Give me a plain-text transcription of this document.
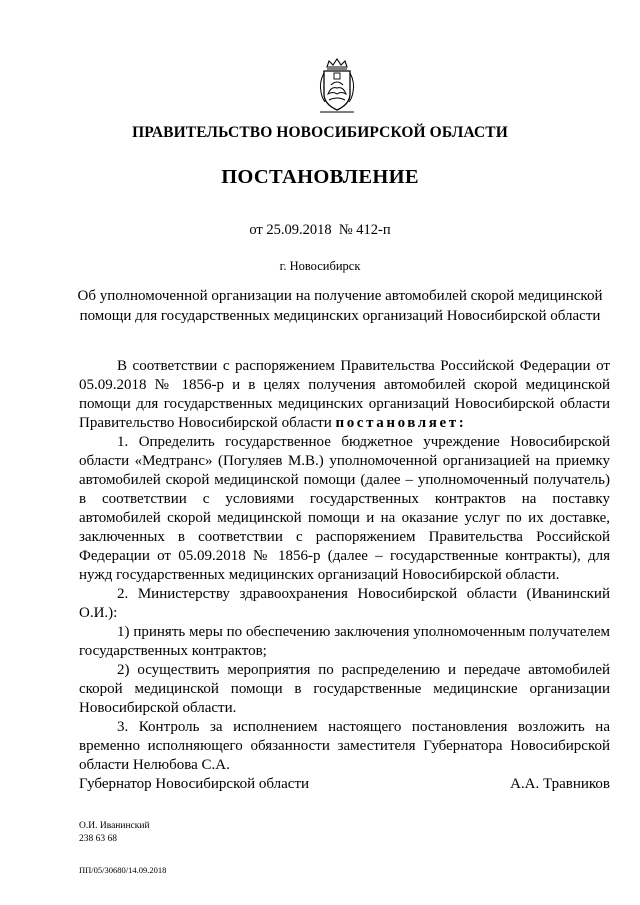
ПРАВИТЕЛЬСТВО НОВОСИБИРСКОЙ ОБЛАСТИ
ПОСТАНОВЛЕНИЕ
от 25.09.2018  № 412-п
г. Новосибирск
Об уполномоченной организации на получение автомобилей скорой медицинской помощи для государственных медицинских организаций Новосибирской области

В соответствии с распоряжением Правительства Российской Федерации от 05.09.2018 № 1856-р и в целях получения автомобилей скорой медицинской помощи для государственных медицинских организаций Новосибирской области Правительство Новосибирской области постановляет:

1. Определить государственное бюджетное учреждение Новосибирской области «Медтранс» (Погуляев М.В.) уполномоченной организацией на приемку автомобилей скорой медицинской помощи (далее – уполномоченный получатель) в соответствии с условиями государственных контрактов на поставку автомобилей скорой медицинской помощи и на оказание услуг по их доставке, заключенных в соответствии с распоряжением Правительства Российской Федерации от 05.09.2018 № 1856-р (далее – государственные контракты), для нужд государственных медицинских организаций Новосибирской области.

2. Министерству здравоохранения Новосибирской области (Иванинский О.И.):

1) принять меры по обеспечению заключения уполномоченным получателем государственных контрактов;

2) осуществить мероприятия по распределению и передаче автомобилей скорой медицинской помощи в государственные медицинские организации Новосибирской области.

3. Контроль за исполнением настоящего постановления возложить на временно исполняющего обязанности заместителя Губернатора Новосибирской области Нелюбова С.А.

Губернатор Новосибирской области	А.А. Травников
О.И. Иванинский
238 63 68
ПП/05/30680/14.09.2018
